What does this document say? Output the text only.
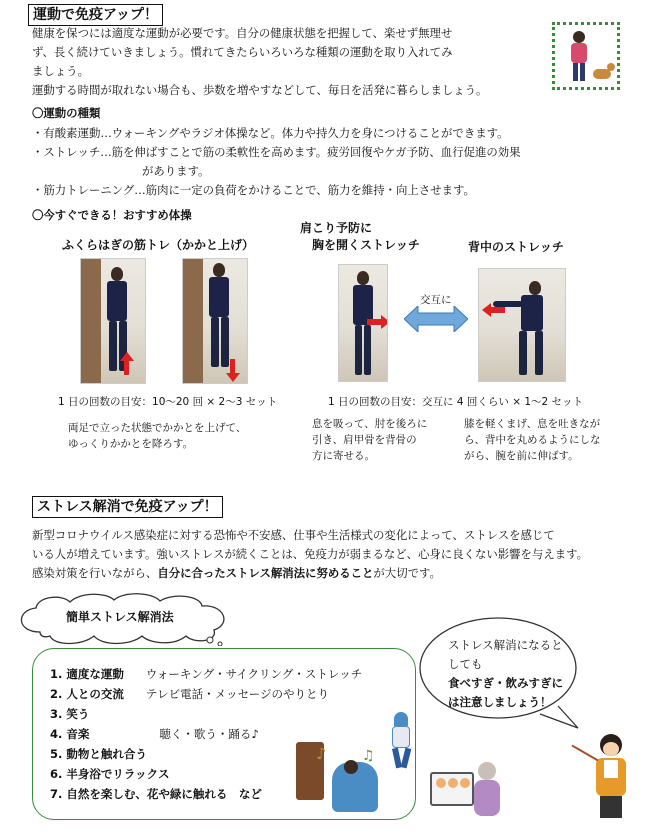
運動で免疫アップ！
健康を保つには適度な運動が必要です。自分の健康状態を把握して、楽せず無理せ
ず、長く続けていきましょう。慣れてきたらいろいろな種類の運動を取り入れてみ
ましょう。
運動する時間が取れない場合も、歩数を増やすなどして、毎日を活発に暮らしましょう。
〇運動の種類
・有酸素運動…ウォーキングやラジオ体操など。体力や持久力を身につけることができます。
・ストレッチ…筋を伸ばすことで筋の柔軟性を高めます。疲労回復やケガ予防、血行促進の効果
があります。
・筋力トレーニング…筋肉に一定の負荷をかけることで、筋力を維持・向上させます。
〇今すぐできる！おすすめ体操
ふくらはぎの筋トレ（かかと上げ）
1 日の回数の目安：10～20 回 × 2～3 セット
両足で立った状態でかかとを上げて、
ゆっくりかかとを降ろす。
肩こり予防に
胸を開くストレッチ
交互に
背中のストレッチ
1 日の回数の目安：交互に 4 回くらい × 1～2 セット
息を吸って、肘を後ろに
引き、肩甲骨を背骨の
方に寄せる。
膝を軽くまげ、息を吐きなが
ら、背中を丸めるようにしな
がら、腕を前に伸ばす。
ストレス解消で免疫アップ！
新型コロナウイルス感染症に対する恐怖や不安感、仕事や生活様式の変化によって、ストレスを感じて
いる人が増えています。強いストレスが続くことは、免疫力が弱まるなど、心身に良くない影響を与えます。
感染対策を行いながら、自分に合ったストレス解消法に努めることが大切です。
簡単ストレス解消法
1. 適度な運動 ウォーキング・サイクリング・ストレッチ
2. 人との交流 テレビ電話・メッセージのやりとり
3. 笑う
4. 音楽	聴く・歌う・踊る♪
5. 動物と触れ合う
6. 半身浴でリラックス
7. 自然を楽しむ、花や緑に触れる　など
♪	♫
ストレス解消になると
しても
食べすぎ・飲みすぎに
は注意しましょう！
